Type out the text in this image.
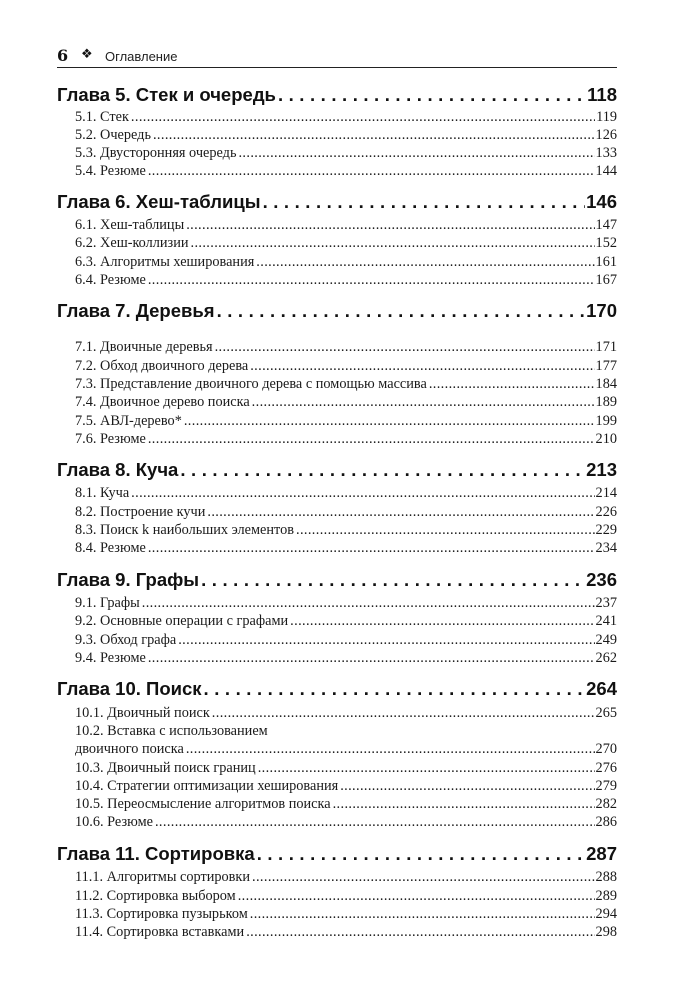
6 ❖ Оглавление
Глава 5. Стек и очередь . . .	118
5.1. Стек . . .	119
5.2. Очередь . . .	126
5.3. Двусторонняя очередь . . .	133
5.4. Резюме . . .	144
Глава 6. Хеш-таблицы . . .	146
6.1. Хеш-таблицы . . .	147
6.2. Хеш-коллизии . . .	152
6.3. Алгоритмы хеширования . . .	161
6.4. Резюме . . .	167
Глава 7. Деревья . . .	170
7.1. Двоичные деревья . . .	171
7.2. Обход двоичного дерева . . .	177
7.3. Представление двоичного дерева с помощью массива . . .	184
7.4. Двоичное дерево поиска . . .	189
7.5. АВЛ-дерево* . . .	199
7.6. Резюме . . .	210
Глава 8. Куча . . .	213
8.1. Куча . . .	214
8.2. Построение кучи . . .	226
8.3. Поиск k наибольших элементов . . .	229
8.4. Резюме . . .	234
Глава 9. Графы . . .	236
9.1. Графы . . .	237
9.2. Основные операции с графами . . .	241
9.3. Обход графа . . .	249
9.4. Резюме . . .	262
Глава 10. Поиск . . .	264
10.1. Двоичный поиск . . .	265
10.2. Вставка с использованием
двоичного поиска . . .	270
10.3. Двоичный поиск границ . . .	276
10.4. Стратегии оптимизации хеширования . . .	279
10.5. Переосмысление алгоритмов поиска . . .	282
10.6. Резюме . . .	286
Глава 11. Сортировка . . .	287
11.1. Алгоритмы сортировки . . .	288
11.2. Сортировка выбором . . .	289
11.3. Сортировка пузырьком . . .	294
11.4. Сортировка вставками . . .	298
